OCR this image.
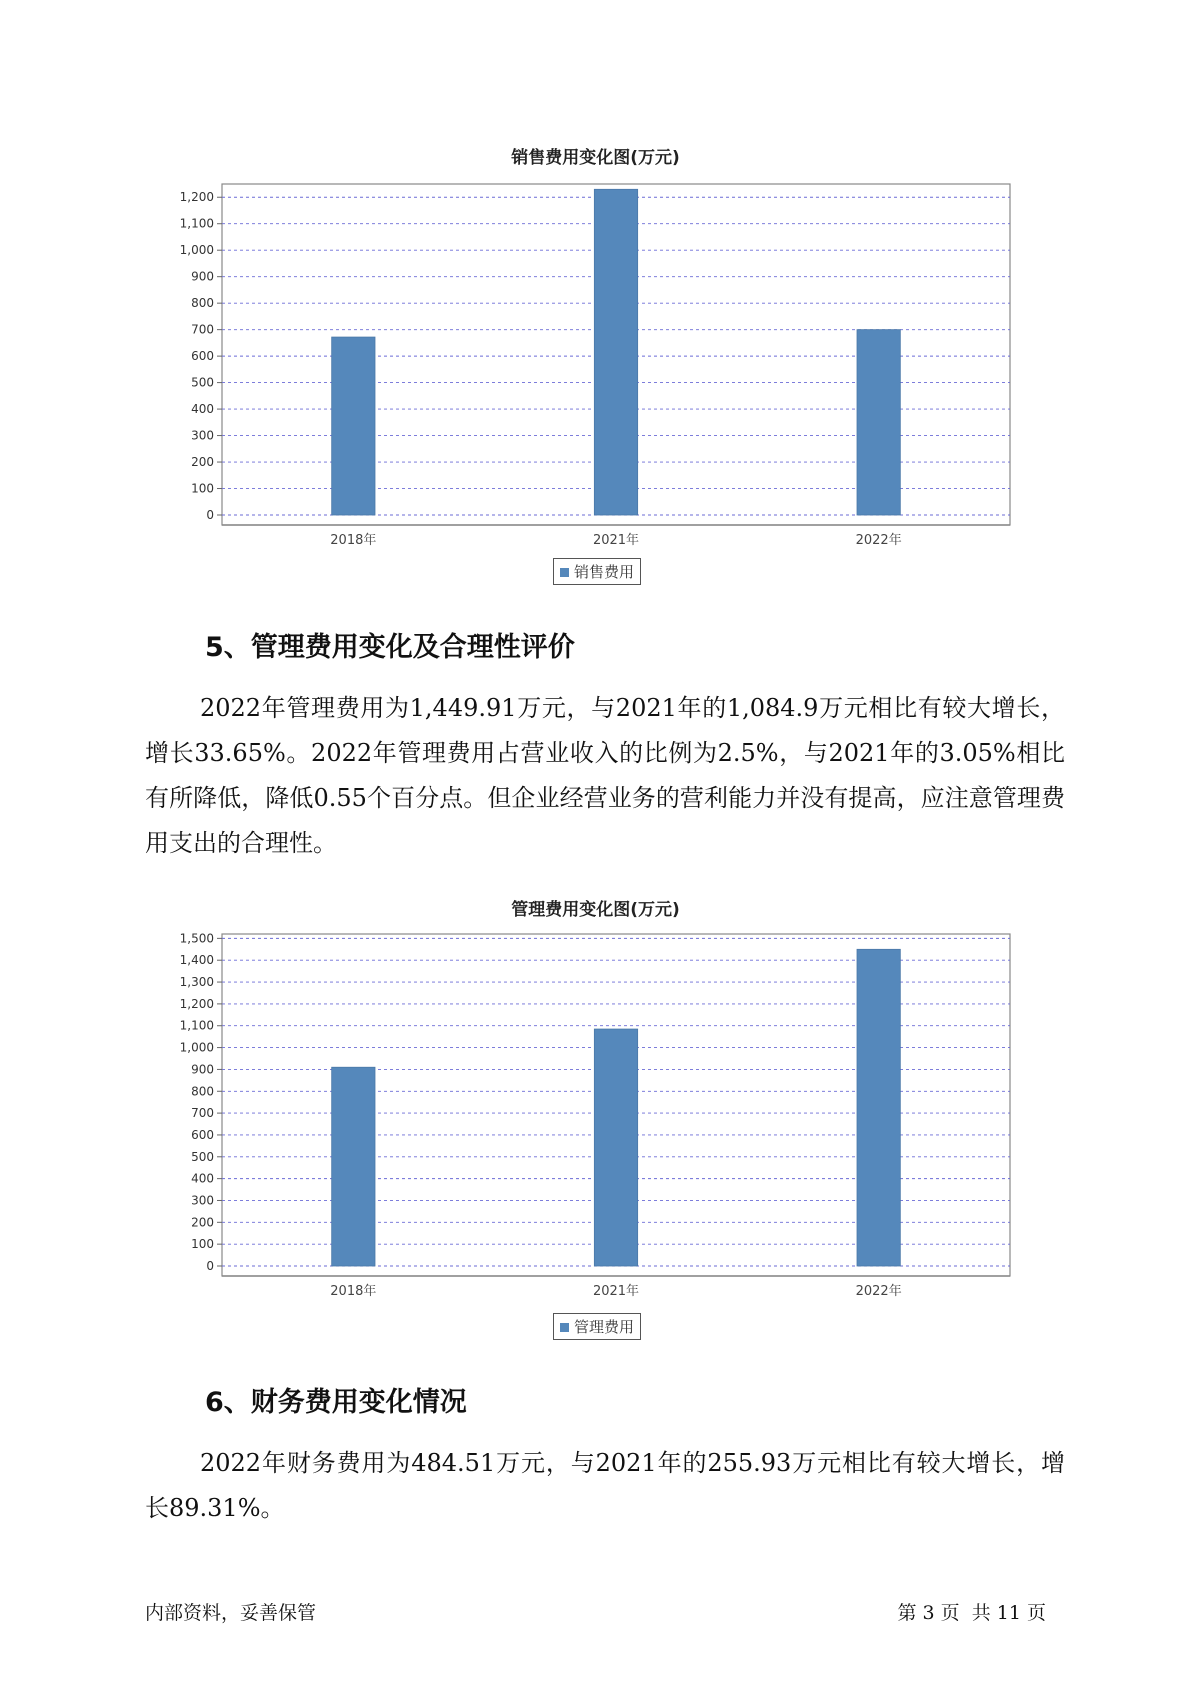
销售费用变化图(万元)
0
100
200
300
400
500
600
700
800
900
1,000
1,100
1,200
2018年	2021年	2022年
销售费用
5、管理费用变化及合理性评价

2022年管理费用为1,449.91万元，与2021年的1,084.9万元相比有较大增长，增长33.65%。2022年管理费用占营业收入的比例为2.5%，与2021年的3.05%相比有所降低，降低0.55个百分点。但企业经营业务的营利能力并没有提高，应注意管理费用支出的合理性。

管理费用变化图(万元)
0
100
200
300
400
500
600
700
800
900
1,000
1,100
1,200
1,300
1,400
1,500
2018年	2021年	2022年
管理费用
6、财务费用变化情况

2022年财务费用为484.51万元，与2021年的255.93万元相比有较大增长，增长89.31%。

内部资料，妥善保管	第 3 页  共 11 页
